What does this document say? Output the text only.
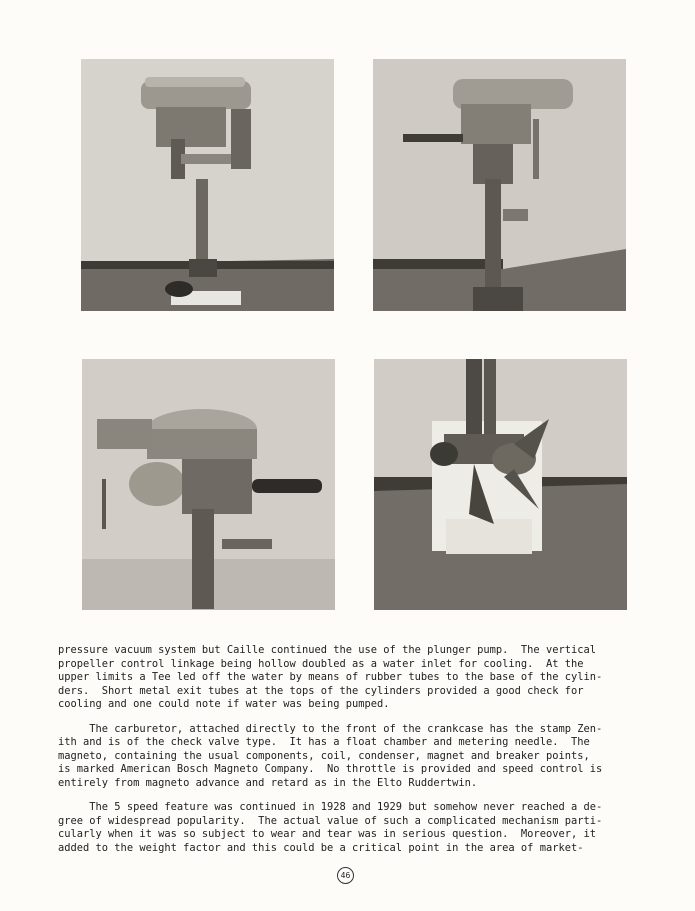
pressure vacuum system but Caille continued the use of the plunger pump.  The vertical
propeller control linkage being hollow doubled as a water inlet for cooling.  At the
upper limits a Tee led off the water by means of rubber tubes to the base of the cylin-
ders.  Short metal exit tubes at the tops of the cylinders provided a good check for
cooling and one could note if water was being pumped.
The carburetor, attached directly to the front of the crankcase has the stamp Zen-
ith and is of the check valve type.  It has a float chamber and metering needle.  The
magneto, containing the usual components, coil, condenser, magnet and breaker points,
is marked American Bosch Magneto Company.  No throttle is provided and speed control is
entirely from magneto advance and retard as in the Elto Ruddertwin.
The 5 speed feature was continued in 1928 and 1929 but somehow never reached a de-
gree of widespread popularity.  The actual value of such a complicated mechanism parti-
cularly when it was so subject to wear and tear was in serious question.  Moreover, it
added to the weight factor and this could be a critical point in the area of market-
46
